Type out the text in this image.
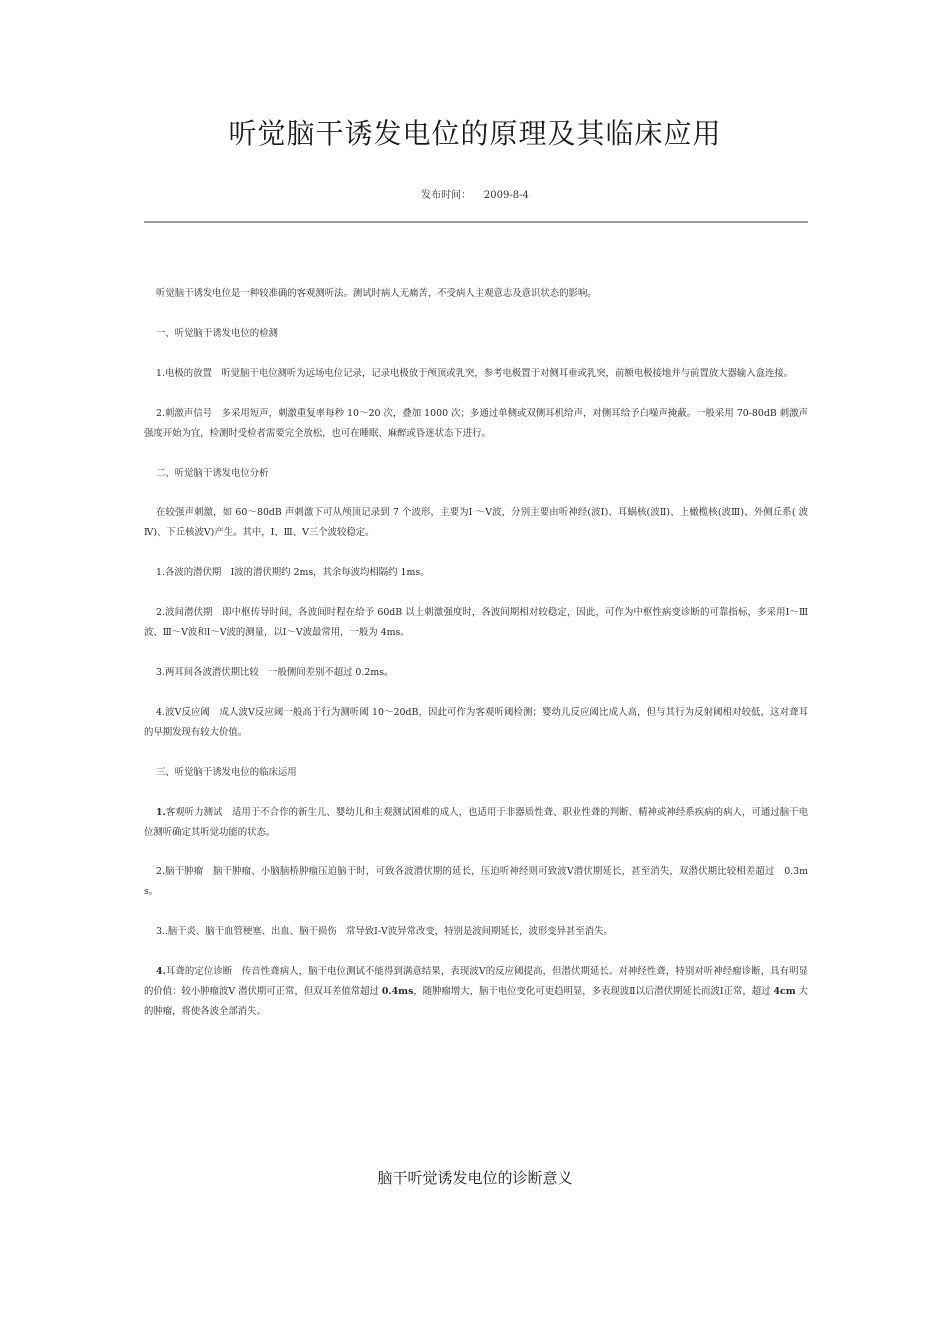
听觉脑干诱发电位的原理及其临床应用
发布时间： 2009-8-4

听觉脑干诱发电位是一种较准确的客观测听法。测试时病人无痛苦，不受病人主观意志及意识状态的影响。

一、听觉脑干诱发电位的检测

1.电极的放置　听觉脑干电位测听为远场电位记录，记录电极放于颅顶或乳突，参考电极置于对侧耳垂或乳突，前额电极接地并与前置放大器输入盒连接。

2.刺激声信号　多采用短声，刺激重复率每秒 10～20 次，叠加 1000 次；多通过单侧或双侧耳机给声，对侧耳给予白噪声掩蔽。一般采用 70-80dB 刺激声强度开始为宜，检测时受检者需要完全放松，也可在睡眠、麻醉或昏迷状态下进行。

二、听觉脑干诱发电位分析

在较强声刺激，如 60～80dB 声刺激下可从颅顶记录到 7 个波形，主要为Ⅰ ～Ⅴ波，分别主要由听神经(波Ⅰ)、耳蜗核(波Ⅱ)、上橄榄核(波Ⅲ)、外侧丘系( 波Ⅳ)、下丘核波Ⅴ)产生。其中，Ⅰ、Ⅲ、Ⅴ三个波较稳定。

1.各波的潜伏期　Ⅰ波的潜伏期约 2ms，其余每波均相隔约 1ms。

2.波间潜伏期　即中枢传导时间，各波间时程在给予 60dB 以上刺激强度时，各波间期相对较稳定，因此，可作为中枢性病变诊断的可靠指标，多采用Ⅰ～Ⅲ波、Ⅲ～Ⅴ波和Ⅰ～Ⅴ波的测量，以Ⅰ～Ⅴ波最常用，一般为 4ms。

3.两耳间各波潜伏期比较　一般侧间差别不超过 0.2ms。

4.波Ⅴ反应阈　成人波Ⅴ反应阈一般高于行为测听阈 10～20dB，因此可作为客观听阈检测；婴幼儿反应阈比成人高，但与其行为反射阈相对较低，这对聋耳的早期发现有较大价值。

三、听觉脑干诱发电位的临床运用

1.客观听力测试　适用于不合作的新生儿、婴幼儿和主观测试困难的成人，也适用于非器质性聋、职业性聋的判断、精神或神经系疾病的病人，可通过脑干电位测听确定其听觉功能的状态。

2.脑干肿瘤　脑干肿瘤、小脑脑桥肿瘤压迫脑干时，可致各波潜伏期的延长，压迫听神经则可致波Ⅴ潜伏期延长，甚至消失，双潜伏期比较相差超过　0.3ms。

3..脑干炎、脑干血管梗塞、出血、脑干损伤　常导致Ⅰ-Ⅴ波异常改变，特别是波间期延长，波形变异甚至消失。

4.耳聋的定位诊断　传音性聋病人，脑干电位测试不能得到满意结果，表现波Ⅴ的反应阈提高，但潜伏期延长。对神经性聋，特别对听神经瘤诊断，具有明显的价值：较小肿瘤波Ⅴ 潜伏期可正常，但双耳差值常超过 0.4ms，随肿瘤增大，脑干电位变化可更趋明显，多表现波Ⅱ以后潜伏期延长而波Ⅰ正常，超过 4cm 大的肿瘤，将使各波全部消失。

脑干听觉诱发电位的诊断意义
